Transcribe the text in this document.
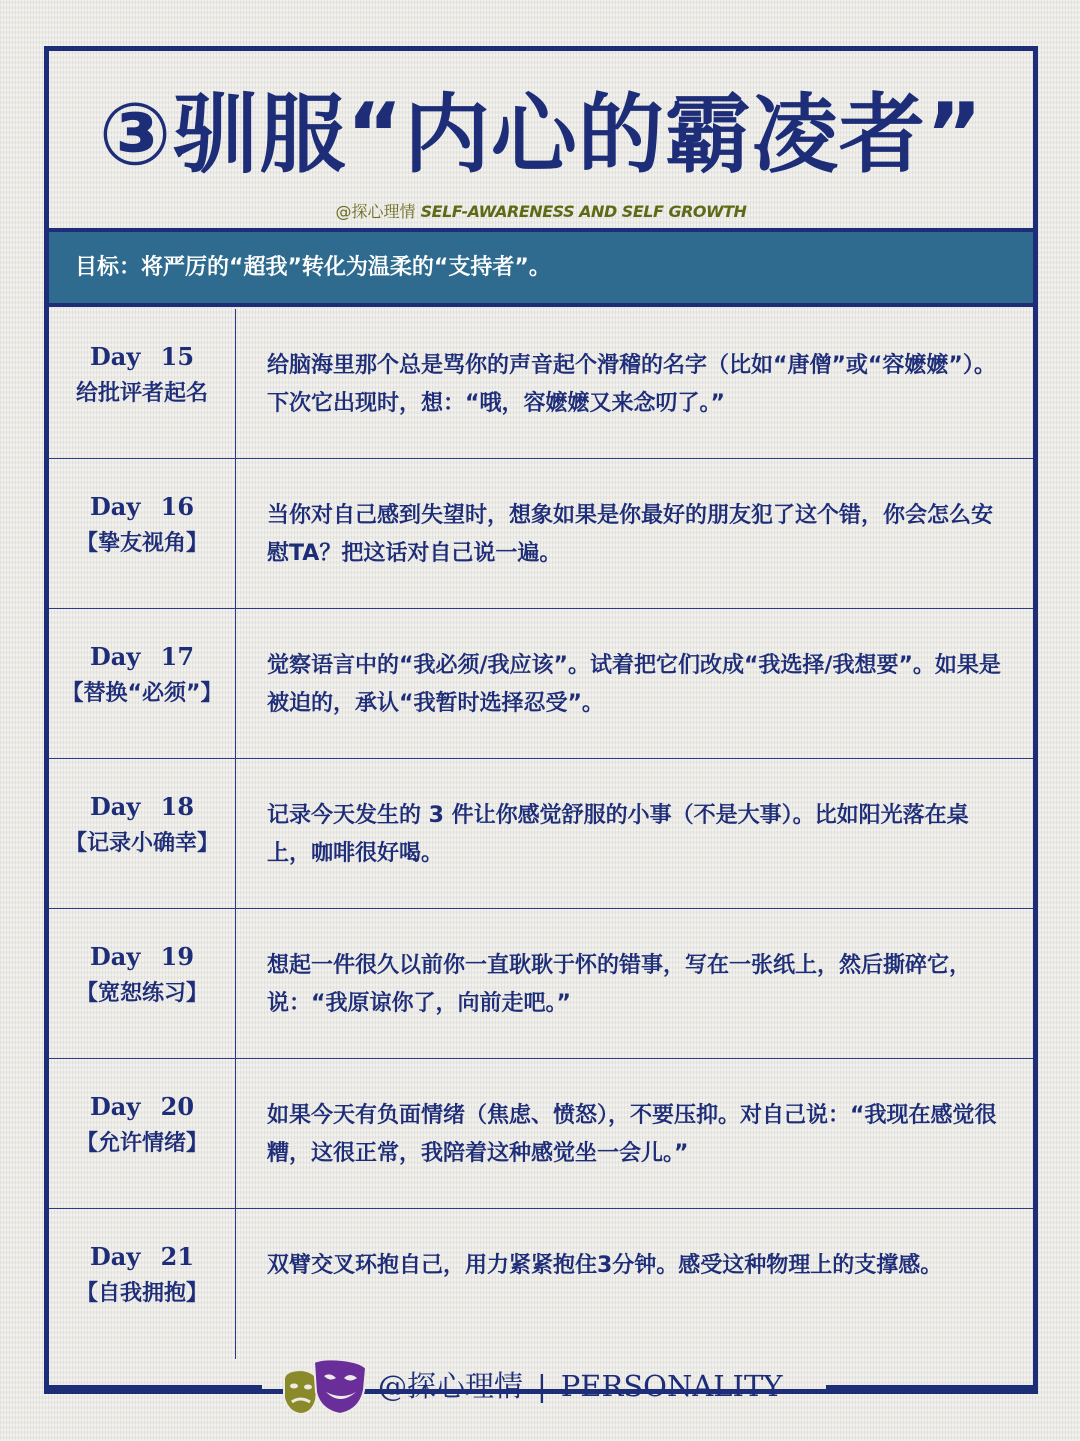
③驯服“内心的霸凌者”
@探心理情 SELF-AWARENESS AND SELF GROWTH
目标：将严厉的“超我”转化为温柔的“支持者”。
Day 15
给批评者起名
给脑海里那个总是骂你的声音起个滑稽的名字（比如“唐僧”或“容嬷嬷”）。下次它出现时，想：“哦，容嬷嬷又来念叨了。”
Day 16
【挚友视角】
当你对自己感到失望时，想象如果是你最好的朋友犯了这个错，你会怎么安慰TA？把这话对自己说一遍。
Day 17
【替换“必须”】
觉察语言中的“我必须/我应该”。试着把它们改成“我选择/我想要”。如果是被迫的，承认“我暂时选择忍受”。
Day 18
【记录小确幸】
记录今天发生的 3 件让你感觉舒服的小事（不是大事）。比如阳光落在桌上，咖啡很好喝。
Day 19
【宽恕练习】
想起一件很久以前你一直耿耿于怀的错事，写在一张纸上，然后撕碎它，说：“我原谅你了，向前走吧。”
Day 20
【允许情绪】
如果今天有负面情绪（焦虑、愤怒），不要压抑。对自己说：“我现在感觉很糟，这很正常，我陪着这种感觉坐一会儿。”
Day 21
【自我拥抱】
双臂交叉环抱自己，用力紧紧抱住3分钟。感受这种物理上的支撑感。
@探心理情 | PERSONALITY
